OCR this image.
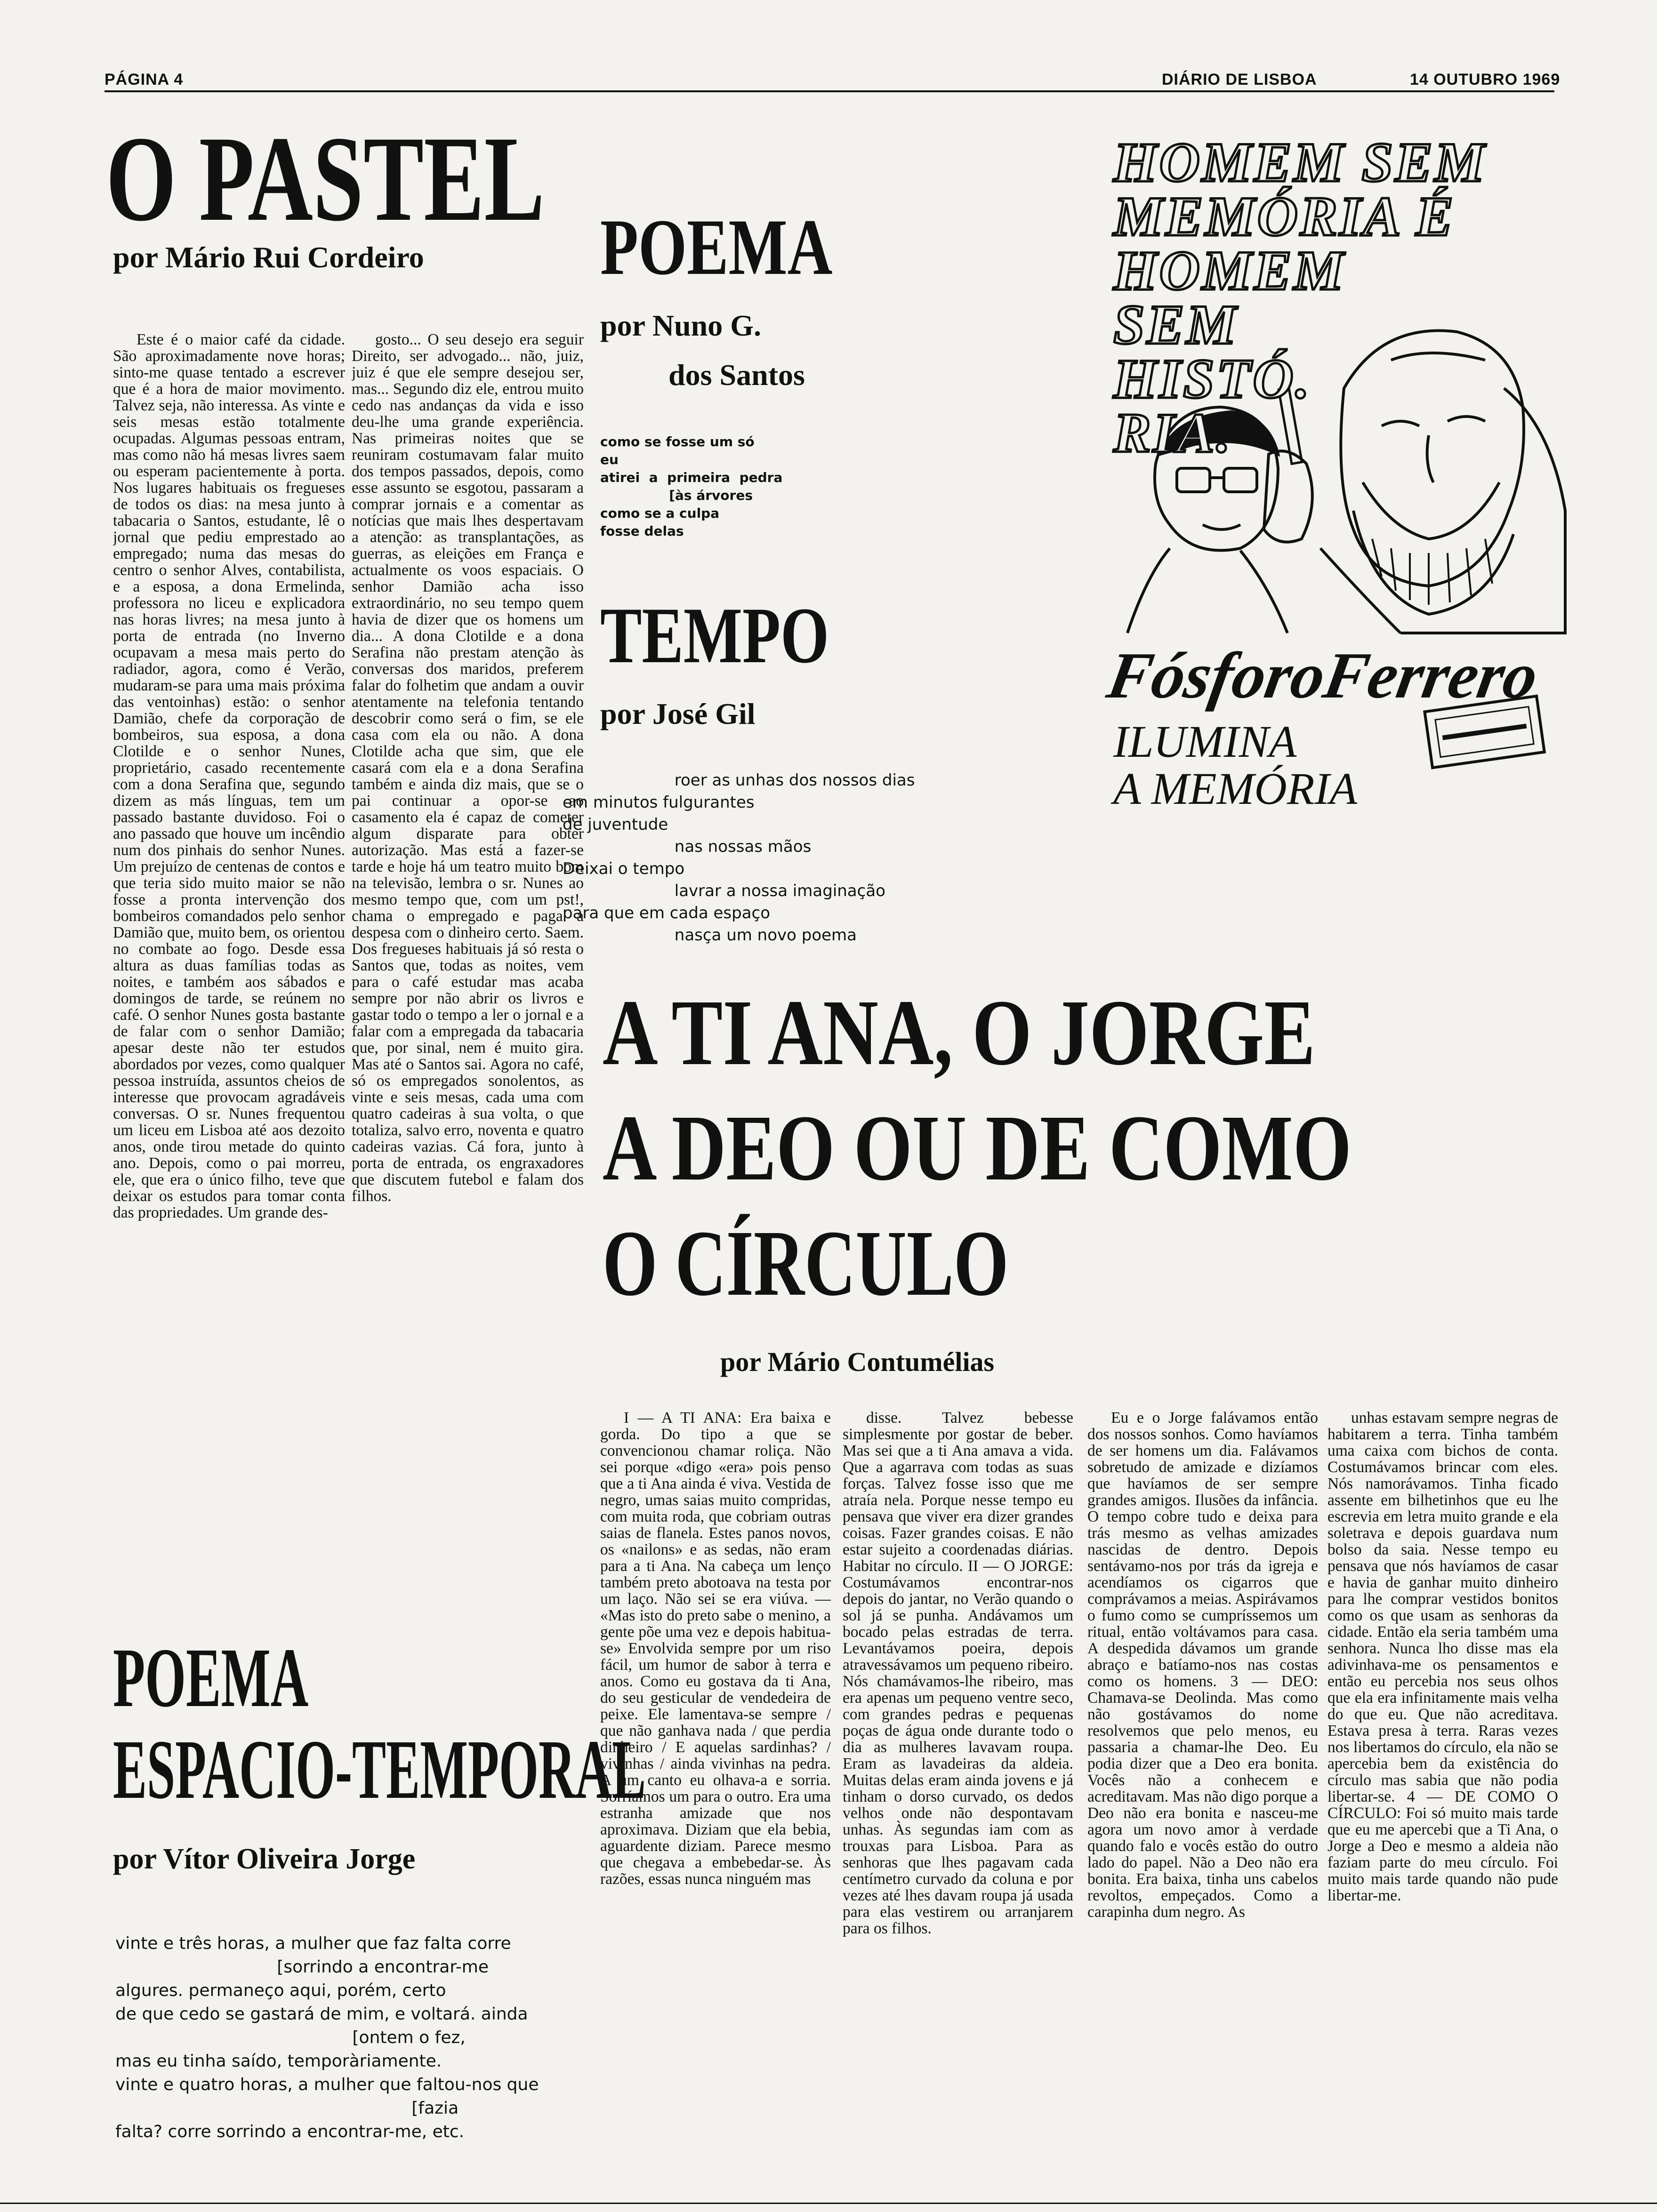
PÁGINA 4	DIÁRIO DE LISBOA	14 OUTUBRO 1969
O PASTEL
por Mário Rui Cordeiro

Este é o maior café da cidade. São aproximadamente nove horas; sinto-me quase tentado a escrever que é a hora de maior movimento. Talvez seja, não interessa. As vinte e seis mesas estão totalmente ocupadas. Algumas pessoas entram, mas como não há mesas livres saem ou esperam pacientemente à porta. Nos lugares habituais os fregueses de todos os dias: na mesa junto à tabacaria o Santos, estudante, lê o jornal que pediu emprestado ao empregado; numa das mesas do centro o senhor Alves, contabilista, e a esposa, a dona Ermelinda, professora no liceu e explicadora nas horas livres; na mesa junto à porta de entrada (no Inverno ocupavam a mesa mais perto do radiador, agora, como é Verão, mudaram-se para uma mais próxima das ventoinhas) estão: o senhor Damião, chefe da corporação de bombeiros, sua esposa, a dona Clotilde e o senhor Nunes, proprietário, casado recentemente com a dona Serafina que, segundo dizem as más línguas, tem um passado bastante duvidoso. Foi o ano passado que houve um incêndio num dos pinhais do senhor Nunes. Um prejuízo de centenas de contos e que teria sido muito maior se não fosse a pronta intervenção dos bombeiros comandados pelo senhor Damião que, muito bem, os orientou no combate ao fogo. Desde essa altura as duas famílias todas as noites, e também aos sábados e domingos de tarde, se reúnem no café. O senhor Nunes gosta bastante de falar com o senhor Damião; apesar deste não ter estudos abordados por vezes, como qualquer pessoa instruída, assuntos cheios de interesse que provocam agradáveis conversas. O sr. Nunes frequentou um liceu em Lisboa até aos dezoito anos, onde tirou metade do quinto ano. Depois, como o pai morreu, ele, que era o único filho, teve que deixar os estudos para tomar conta das propriedades. Um grande des-

gosto... O seu desejo era seguir Direito, ser advogado... não, juiz, juiz é que ele sempre desejou ser, mas... Segundo diz ele, entrou muito cedo nas andanças da vida e isso deu-lhe uma grande experiência. Nas primeiras noites que se reuniram costumavam falar muito dos tempos passados, depois, como esse assunto se esgotou, passaram a comprar jornais e a comentar as notícias que mais lhes despertavam a atenção: as transplantações, as guerras, as eleições em França e actualmente os voos espaciais. O senhor Damião acha isso extraordinário, no seu tempo quem havia de dizer que os homens um dia... A dona Clotilde e a dona Serafina não prestam atenção às conversas dos maridos, preferem falar do folhetim que andam a ouvir atentamente na telefonia tentando descobrir como será o fim, se ele casa com ela ou não. A dona Clotilde acha que sim, que ele casará com ela e a dona Serafina também e ainda diz mais, que se o pai continuar a opor-se ao casamento ela é capaz de cometer algum disparate para obter autorização. Mas está a fazer-se tarde e hoje há um teatro muito bom na televisão, lembra o sr. Nunes ao mesmo tempo que, com um pst!, chama o empregado e paga a despesa com o dinheiro certo. Saem. Dos fregueses habituais já só resta o Santos que, todas as noites, vem para o café estudar mas acaba sempre por não abrir os livros e gastar todo o tempo a ler o jornal e a falar com a empregada da tabacaria que, por sinal, nem é muito gira. Mas até o Santos sai. Agora no café, só os empregados sonolentos, as vinte e seis mesas, cada uma com quatro cadeiras à sua volta, o que totaliza, salvo erro, noventa e quatro cadeiras vazias. Cá fora, junto à porta de entrada, os engraxadores que discutem futebol e falam dos filhos.

POEMA
por Nuno G.
dos Santos
como se fosse um só
eu
atirei  a  primeira  pedra
[às árvores
como se a culpa
fosse delas
TEMPO
por José Gil
roer as unhas dos nossos dias
em minutos fulgurantes
de juventude
nas nossas mãos
Deixai o tempo
lavrar a nossa imaginação
para que em cada espaço
nasça um novo poema
HOMEM SEM
MEMÓRIA É
HOMEM
SEM
HISTÓ.
RIA.
FósforoFerrero
ILUMINA
A MEMÓRIA
A TI ANA, O JORGE
A DEO OU DE COMO
O CÍRCULO
por Mário Contumélias

I — A TI ANA: Era baixa e gorda. Do tipo a que se convencionou chamar roliça. Não sei porque «digo «era» pois penso que a ti Ana ainda é viva. Vestida de negro, umas saias muito compridas, com muita roda, que cobriam outras saias de flanela. Estes panos novos, os «nailons» e as sedas, não eram para a ti Ana. Na cabeça um lenço também preto abotoava na testa por um laço. Não sei se era viúva. — «Mas isto do preto sabe o menino, a gente põe uma vez e depois habitua-se» Envolvida sempre por um riso fácil, um humor de sabor à terra e anos. Como eu gostava da ti Ana, do seu gesticular de vendedeira de peixe. Ele lamentava-se sempre / que não ganhava nada / que perdia dinheiro / E aquelas sardinhas? / vivinhas / ainda vivinhas na pedra. A um canto eu olhava-a e sorria. Sorríamos um para o outro. Era uma estranha amizade que nos aproximava. Diziam que ela bebia, aguardente diziam. Parece mesmo que chegava a embebedar-se. Às razões, essas nunca ninguém mas

disse. Talvez bebesse simplesmente por gostar de beber. Mas sei que a ti Ana amava a vida. Que a agarrava com todas as suas forças. Talvez fosse isso que me atraía nela. Porque nesse tempo eu pensava que viver era dizer grandes coisas. Fazer grandes coisas. E não estar sujeito a coordenadas diárias. Habitar no círculo. II — O JORGE: Costumávamos encontrar-nos depois do jantar, no Verão quando o sol já se punha. Andávamos um bocado pelas estradas de terra. Levantávamos poeira, depois atravessávamos um pequeno ribeiro. Nós chamávamos-lhe ribeiro, mas era apenas um pequeno ventre seco, com grandes pedras e pequenas poças de água onde durante todo o dia as mulheres lavavam roupa. Eram as lavadeiras da aldeia. Muitas delas eram ainda jovens e já tinham o dorso curvado, os dedos velhos onde não despontavam unhas. Às segundas iam com as trouxas para Lisboa. Para as senhoras que lhes pagavam cada centímetro curvado da coluna e por vezes até lhes davam roupa já usada para elas vestirem ou arranjarem para os filhos.

Eu e o Jorge falávamos então dos nossos sonhos. Como havíamos de ser homens um dia. Falávamos sobretudo de amizade e dizíamos que havíamos de ser sempre grandes amigos. Ilusões da infância. O tempo cobre tudo e deixa para trás mesmo as velhas amizades nascidas de dentro. Depois sentávamo-nos por trás da igreja e acendíamos os cigarros que comprávamos a meias. Aspirávamos o fumo como se cumpríssemos um ritual, então voltávamos para casa. A despedida dávamos um grande abraço e batíamo-nos nas costas como os homens. 3 — DEO: Chamava-se Deolinda. Mas como não gostávamos do nome resolvemos que pelo menos, eu passaria a chamar-lhe Deo. Eu podia dizer que a Deo era bonita. Vocês não a conhecem e acreditavam. Mas não digo porque a Deo não era bonita e nasceu-me agora um novo amor à verdade quando falo e vocês estão do outro lado do papel. Não a Deo não era bonita. Era baixa, tinha uns cabelos revoltos, empeçados. Como a carapinha dum negro. As

unhas estavam sempre negras de habitarem a terra. Tinha também uma caixa com bichos de conta. Costumávamos brincar com eles. Nós namorávamos. Tinha ficado assente em bilhetinhos que eu lhe escrevia em letra muito grande e ela soletrava e depois guardava num bolso da saia. Nesse tempo eu pensava que nós havíamos de casar e havia de ganhar muito dinheiro para lhe comprar vestidos bonitos como os que usam as senhoras da cidade. Então ela seria também uma senhora. Nunca lho disse mas ela adivinhava-me os pensamentos e então eu percebia nos seus olhos que ela era infinitamente mais velha do que eu. Que não acreditava. Estava presa à terra. Raras vezes nos libertamos do círculo, ela não se apercebia bem da existência do círculo mas sabia que não podia libertar-se. 4 — DE COMO O CÍRCULO: Foi só muito mais tarde que eu me apercebi que a Ti Ana, o Jorge a Deo e mesmo a aldeia não faziam parte do meu círculo. Foi muito mais tarde quando não pude libertar-me.

POEMA
ESPACIO-TEMPORAL
por Vítor Oliveira Jorge
vinte e três horas, a mulher que faz falta corre
[sorrindo a encontrar-me
algures. permaneço aqui, porém, certo
de que cedo se gastará de mim, e voltará. ainda
[ontem o fez,
mas eu tinha saído, temporàriamente.
vinte e quatro horas, a mulher que faltou-nos que
[fazia
falta? corre sorrindo a encontrar-me, etc.
